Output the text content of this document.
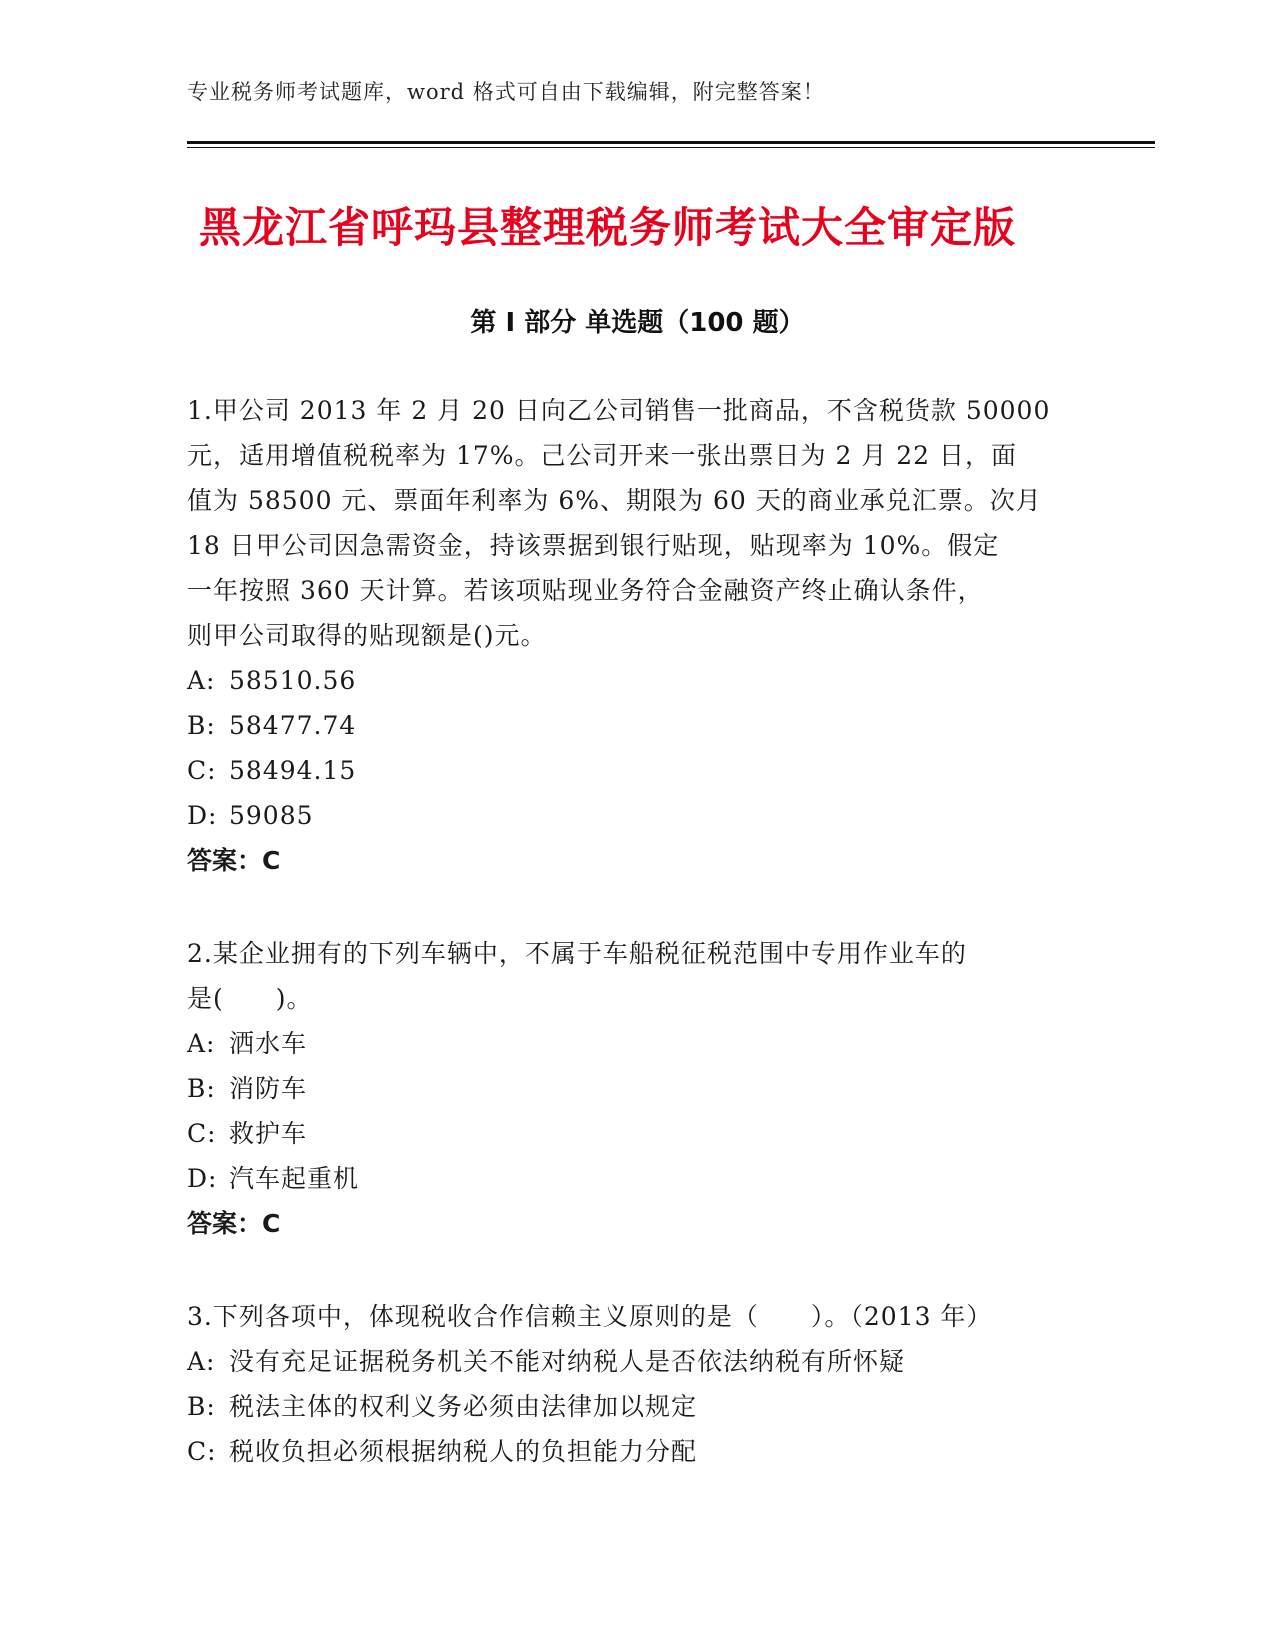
专业税务师考试题库，word 格式可自由下载编辑，附完整答案！
黑龙江省呼玛县整理税务师考试大全审定版
第 I 部分 单选题（100 题）

1.甲公司 2013 年 2 月 20 日向乙公司销售一批商品，不含税货款 50000

元，适用增值税税率为 17%。己公司开来一张出票日为 2 月 22 日，面

值为 58500 元、票面年利率为 6%、期限为 60 天的商业承兑汇票。次月

18 日甲公司因急需资金，持该票据到银行贴现，贴现率为 10%。假定

一年按照 360 天计算。若该项贴现业务符合金融资产终止确认条件，

则甲公司取得的贴现额是()元。

A: 58510.56

B: 58477.74

C: 58494.15

D: 59085

答案：C

2.某企业拥有的下列车辆中，不属于车船税征税范围中专用作业车的

是(　　)。

A: 洒水车

B: 消防车

C: 救护车

D: 汽车起重机

答案：C

3.下列各项中，体现税收合作信赖主义原则的是（　　）。（2013 年）

A: 没有充足证据税务机关不能对纳税人是否依法纳税有所怀疑

B: 税法主体的权利义务必须由法律加以规定

C: 税收负担必须根据纳税人的负担能力分配
